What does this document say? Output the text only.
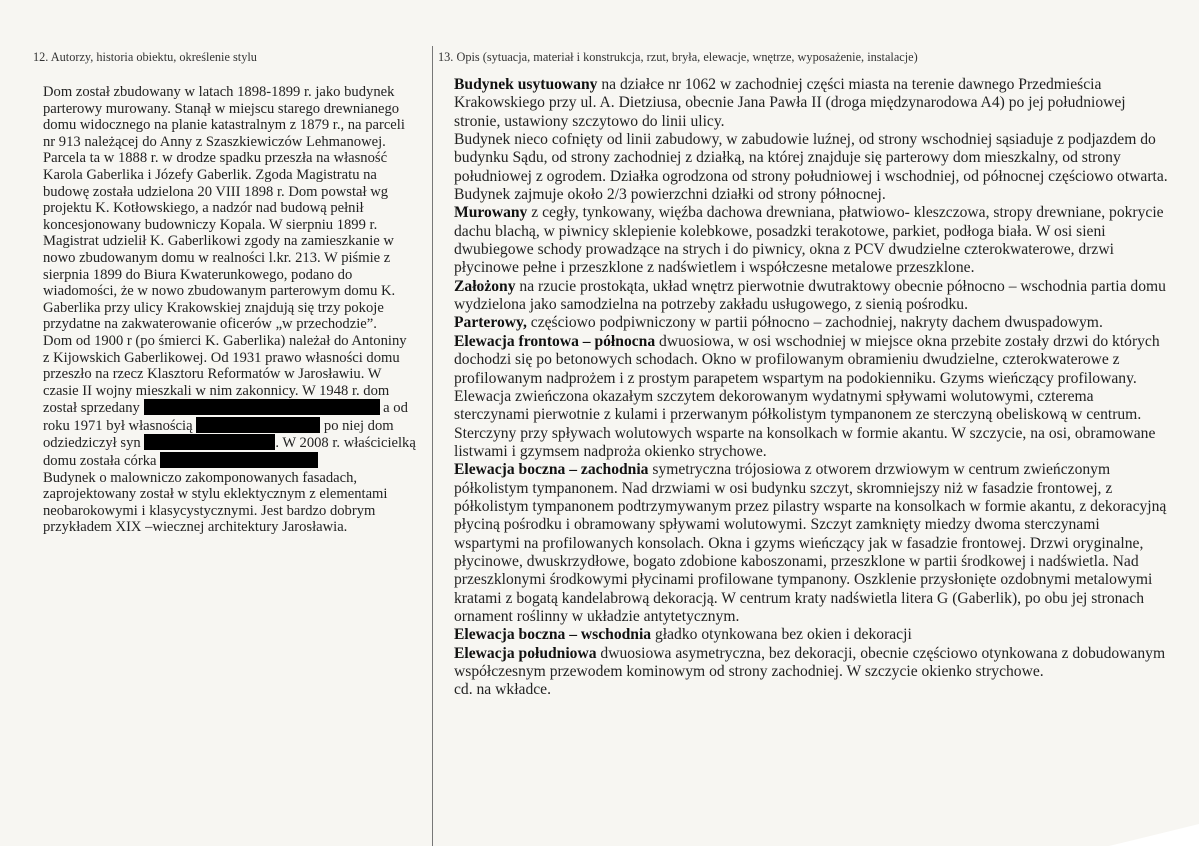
12. Autorzy, historia obiektu, określenie stylu
Dom został zbudowany w latach 1898-1899 r. jako budynek
parterowy murowany. Stanął w miejscu starego drewnianego
domu widocznego na planie katastralnym z 1879 r., na parceli
nr 913 należącej do Anny z Szaszkiewiczów Lehmanowej.
Parcela ta w 1888 r. w drodze spadku przeszła na własność
Karola Gaberlika i Józefy Gaberlik. Zgoda Magistratu na
budowę została udzielona 20 VIII 1898 r. Dom powstał wg
projektu K. Kotłowskiego, a nadzór nad budową pełnił
koncesjonowany budowniczy Kopala. W sierpniu 1899 r.
Magistrat udzielił K. Gaberlikowi zgody na zamieszkanie w
nowo zbudowanym domu w realności l.kr. 213. W piśmie z
sierpnia 1899 do Biura Kwaterunkowego, podano do
wiadomości, że w nowo zbudowanym parterowym domu K.
Gaberlika przy ulicy Krakowskiej znajdują się trzy pokoje
przydatne na zakwaterowanie oficerów „w przechodzie”.
Dom od 1900 r (po śmierci K. Gaberlika) należał do Antoniny
z Kijowskich Gaberlikowej. Od 1931 prawo własności domu
przeszło na rzecz Klasztoru Reformatów w Jarosławiu. W
czasie II wojny mieszkali w nim zakonnicy. W 1948 r. dom
został sprzedany	a od
roku 1971 był własnością	po niej dom
odziedziczył syn	. W 2008 r. właścicielką
domu została córka
Budynek o malowniczo zakomponowanych fasadach,
zaprojektowany został w stylu eklektycznym z elementami
neobarokowymi i klasycystycznymi. Jest bardzo dobrym
przykładem XIX –wiecznej architektury Jarosławia.
13. Opis (sytuacja, materiał i konstrukcja, rzut, bryła, elewacje, wnętrze, wyposażenie, instalacje)

Budynek usytuowany na działce nr 1062 w zachodniej części miasta na terenie dawnego Przedmieścia Krakowskiego przy ul. A. Dietziusa, obecnie Jana Pawła II (droga międzynarodowa A4) po jej południowej stronie, ustawiony szczytowo do linii ulicy.

Budynek nieco cofnięty od linii zabudowy, w zabudowie luźnej, od strony wschodniej sąsiaduje z podjazdem do budynku Sądu, od strony zachodniej z działką, na której znajduje się parterowy dom mieszkalny, od strony południowej z ogrodem. Działka ogrodzona od strony południowej i wschodniej, od północnej częściowo otwarta. Budynek zajmuje około 2/3 powierzchni działki od strony północnej.

Murowany z cegły, tynkowany, więźba dachowa drewniana, płatwiowo- kleszczowa, stropy drewniane, pokrycie dachu blachą, w piwnicy sklepienie kolebkowe, posadzki terakotowe, parkiet, podłoga biała. W osi sieni dwubiegowe schody prowadzące na strych i do piwnicy, okna z PCV dwudzielne czterokwaterowe, drzwi płycinowe pełne i przeszklone z nadświetlem i współczesne metalowe przeszklone.

Założony na rzucie prostokąta, układ wnętrz pierwotnie dwutraktowy obecnie północno – wschodnia partia domu wydzielona jako samodzielna na potrzeby zakładu usługowego, z sienią pośrodku.

Parterowy, częściowo podpiwniczony w partii północno – zachodniej, nakryty dachem dwuspadowym.

Elewacja frontowa – północna dwuosiowa, w osi wschodniej w miejsce okna przebite zostały drzwi do których dochodzi się po betonowych schodach. Okno w profilowanym obramieniu dwudzielne, czterokwaterowe z profilowanym nadprożem i z prostym parapetem wspartym na podokienniku. Gzyms wieńczący profilowany. Elewacja zwieńczona okazałym szczytem dekorowanym wydatnymi spływami wolutowymi, czterema sterczynami pierwotnie z kulami i przerwanym półkolistym tympanonem ze sterczyną obeliskową w centrum. Sterczyny przy spływach wolutowych wsparte na konsolkach w formie akantu. W szczycie, na osi, obramowane listwami i gzymsem nadproża okienko strychowe.

Elewacja boczna – zachodnia symetryczna trójosiowa z otworem drzwiowym w centrum zwieńczonym półkolistym tympanonem. Nad drzwiami w osi budynku szczyt, skromniejszy niż w fasadzie frontowej, z półkolistym tympanonem podtrzymywanym przez pilastry wsparte na konsolkach w formie akantu, z dekoracyjną płyciną pośrodku i obramowany spływami wolutowymi. Szczyt zamknięty miedzy dwoma sterczynami wspartymi na profilowanych konsolach. Okna i gzyms wieńczący jak w fasadzie frontowej. Drzwi oryginalne, płycinowe, dwuskrzydłowe, bogato zdobione kaboszonami, przeszklone w partii środkowej i nadświetla. Nad przeszklonymi środkowymi płycinami profilowane tympanony. Oszklenie przysłonięte ozdobnymi metalowymi kratami z bogatą kandelabrową dekoracją. W centrum kraty nadświetla litera G (Gaberlik), po obu jej stronach ornament roślinny w układzie antytetycznym.

Elewacja boczna – wschodnia gładko otynkowana bez okien i dekoracji

Elewacja południowa dwuosiowa asymetryczna, bez dekoracji, obecnie częściowo otynkowana z dobudowanym współczesnym przewodem kominowym od strony zachodniej. W szczycie okienko strychowe.

cd. na wkładce.
